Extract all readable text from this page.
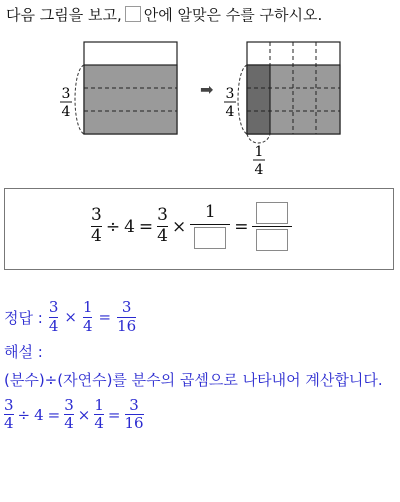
다음 그림을 보고, 안에 알맞은 수를 구하시오.
3
4
➡ 3
4
1
4
$\frac{3}{4} \div 4 = \frac{3}{4}$ ×
1
=
정답 : $\frac{3}{4} \times \frac{1}{4} = \frac{3}{16}$
해설 :
(분수)÷(자연수)를 분수의 곱셈으로 나타내어 계산합니다.
$\frac{3}{4} \div 4 = \frac{3}{4} \times \frac{1}{4} = \frac{3}{16}$
